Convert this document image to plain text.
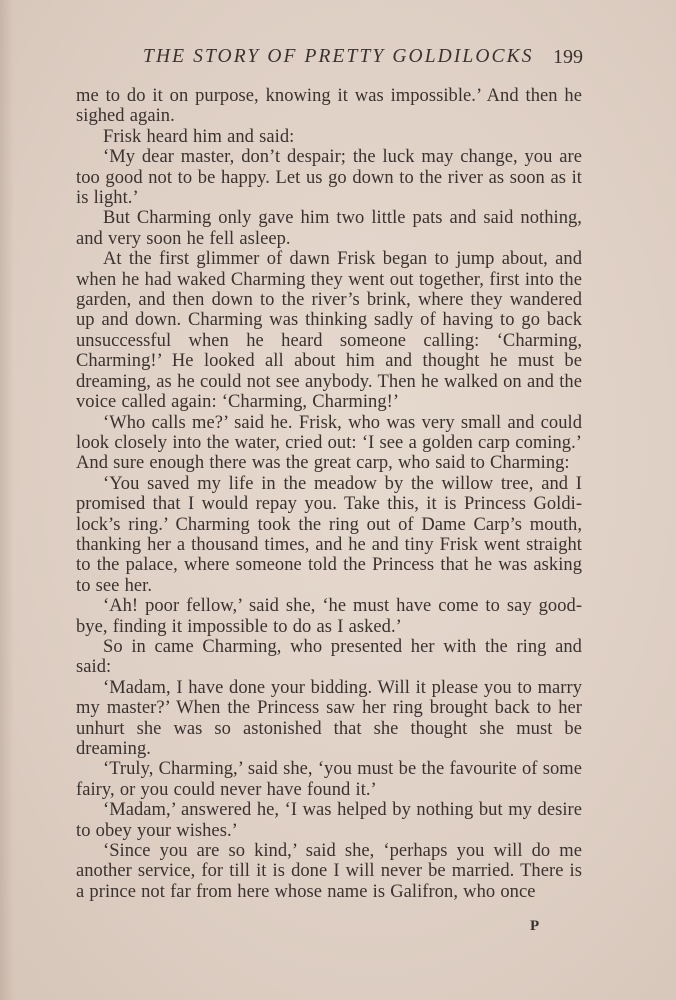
THE STORY OF PRETTY GOLDILOCKS 199

me to do it on purpose, knowing it was impossible.’ And then he sighed again.

Frisk heard him and said:

‘My dear master, don’t despair; the luck may change, you are too good not to be happy. Let us go down to the river as soon as it is light.’

But Charming only gave him two little pats and said nothing, and very soon he fell asleep.

At the first glimmer of dawn Frisk began to jump about, and when he had waked Charming they went out together, first into the garden, and then down to the river’s brink, where they wandered up and down. Charming was thinking sadly of having to go back unsuccessful when he heard someone calling: ‘Charming, Charming!’ He looked all about him and thought he must be dreaming, as he could not see anybody. Then he walked on and the voice called again: ‘Charming, Charming!’

‘Who calls me?’ said he. Frisk, who was very small and could look closely into the water, cried out: ‘I see a golden carp coming.’ And sure enough there was the great carp, who said to Charming:

‘You saved my life in the meadow by the willow tree, and I promised that I would repay you. Take this, it is Princess Goldilock’s ring.’ Charming took the ring out of Dame Carp’s mouth, thanking her a thousand times, and he and tiny Frisk went straight to the palace, where someone told the Princess that he was asking to see her.

‘Ah! poor fellow,’ said she, ‘he must have come to say goodbye, finding it impossible to do as I asked.’

So in came Charming, who presented her with the ring and said:

‘Madam, I have done your bidding. Will it please you to marry my master?’ When the Princess saw her ring brought back to her unhurt she was so astonished that she thought she must be dreaming.

‘Truly, Charming,’ said she, ‘you must be the favourite of some fairy, or you could never have found it.’

‘Madam,’ answered he, ‘I was helped by nothing but my desire to obey your wishes.’

‘Since you are so kind,’ said she, ‘perhaps you will do me another service, for till it is done I will never be married. There is a prince not far from here whose name is Galifron, who once

P
